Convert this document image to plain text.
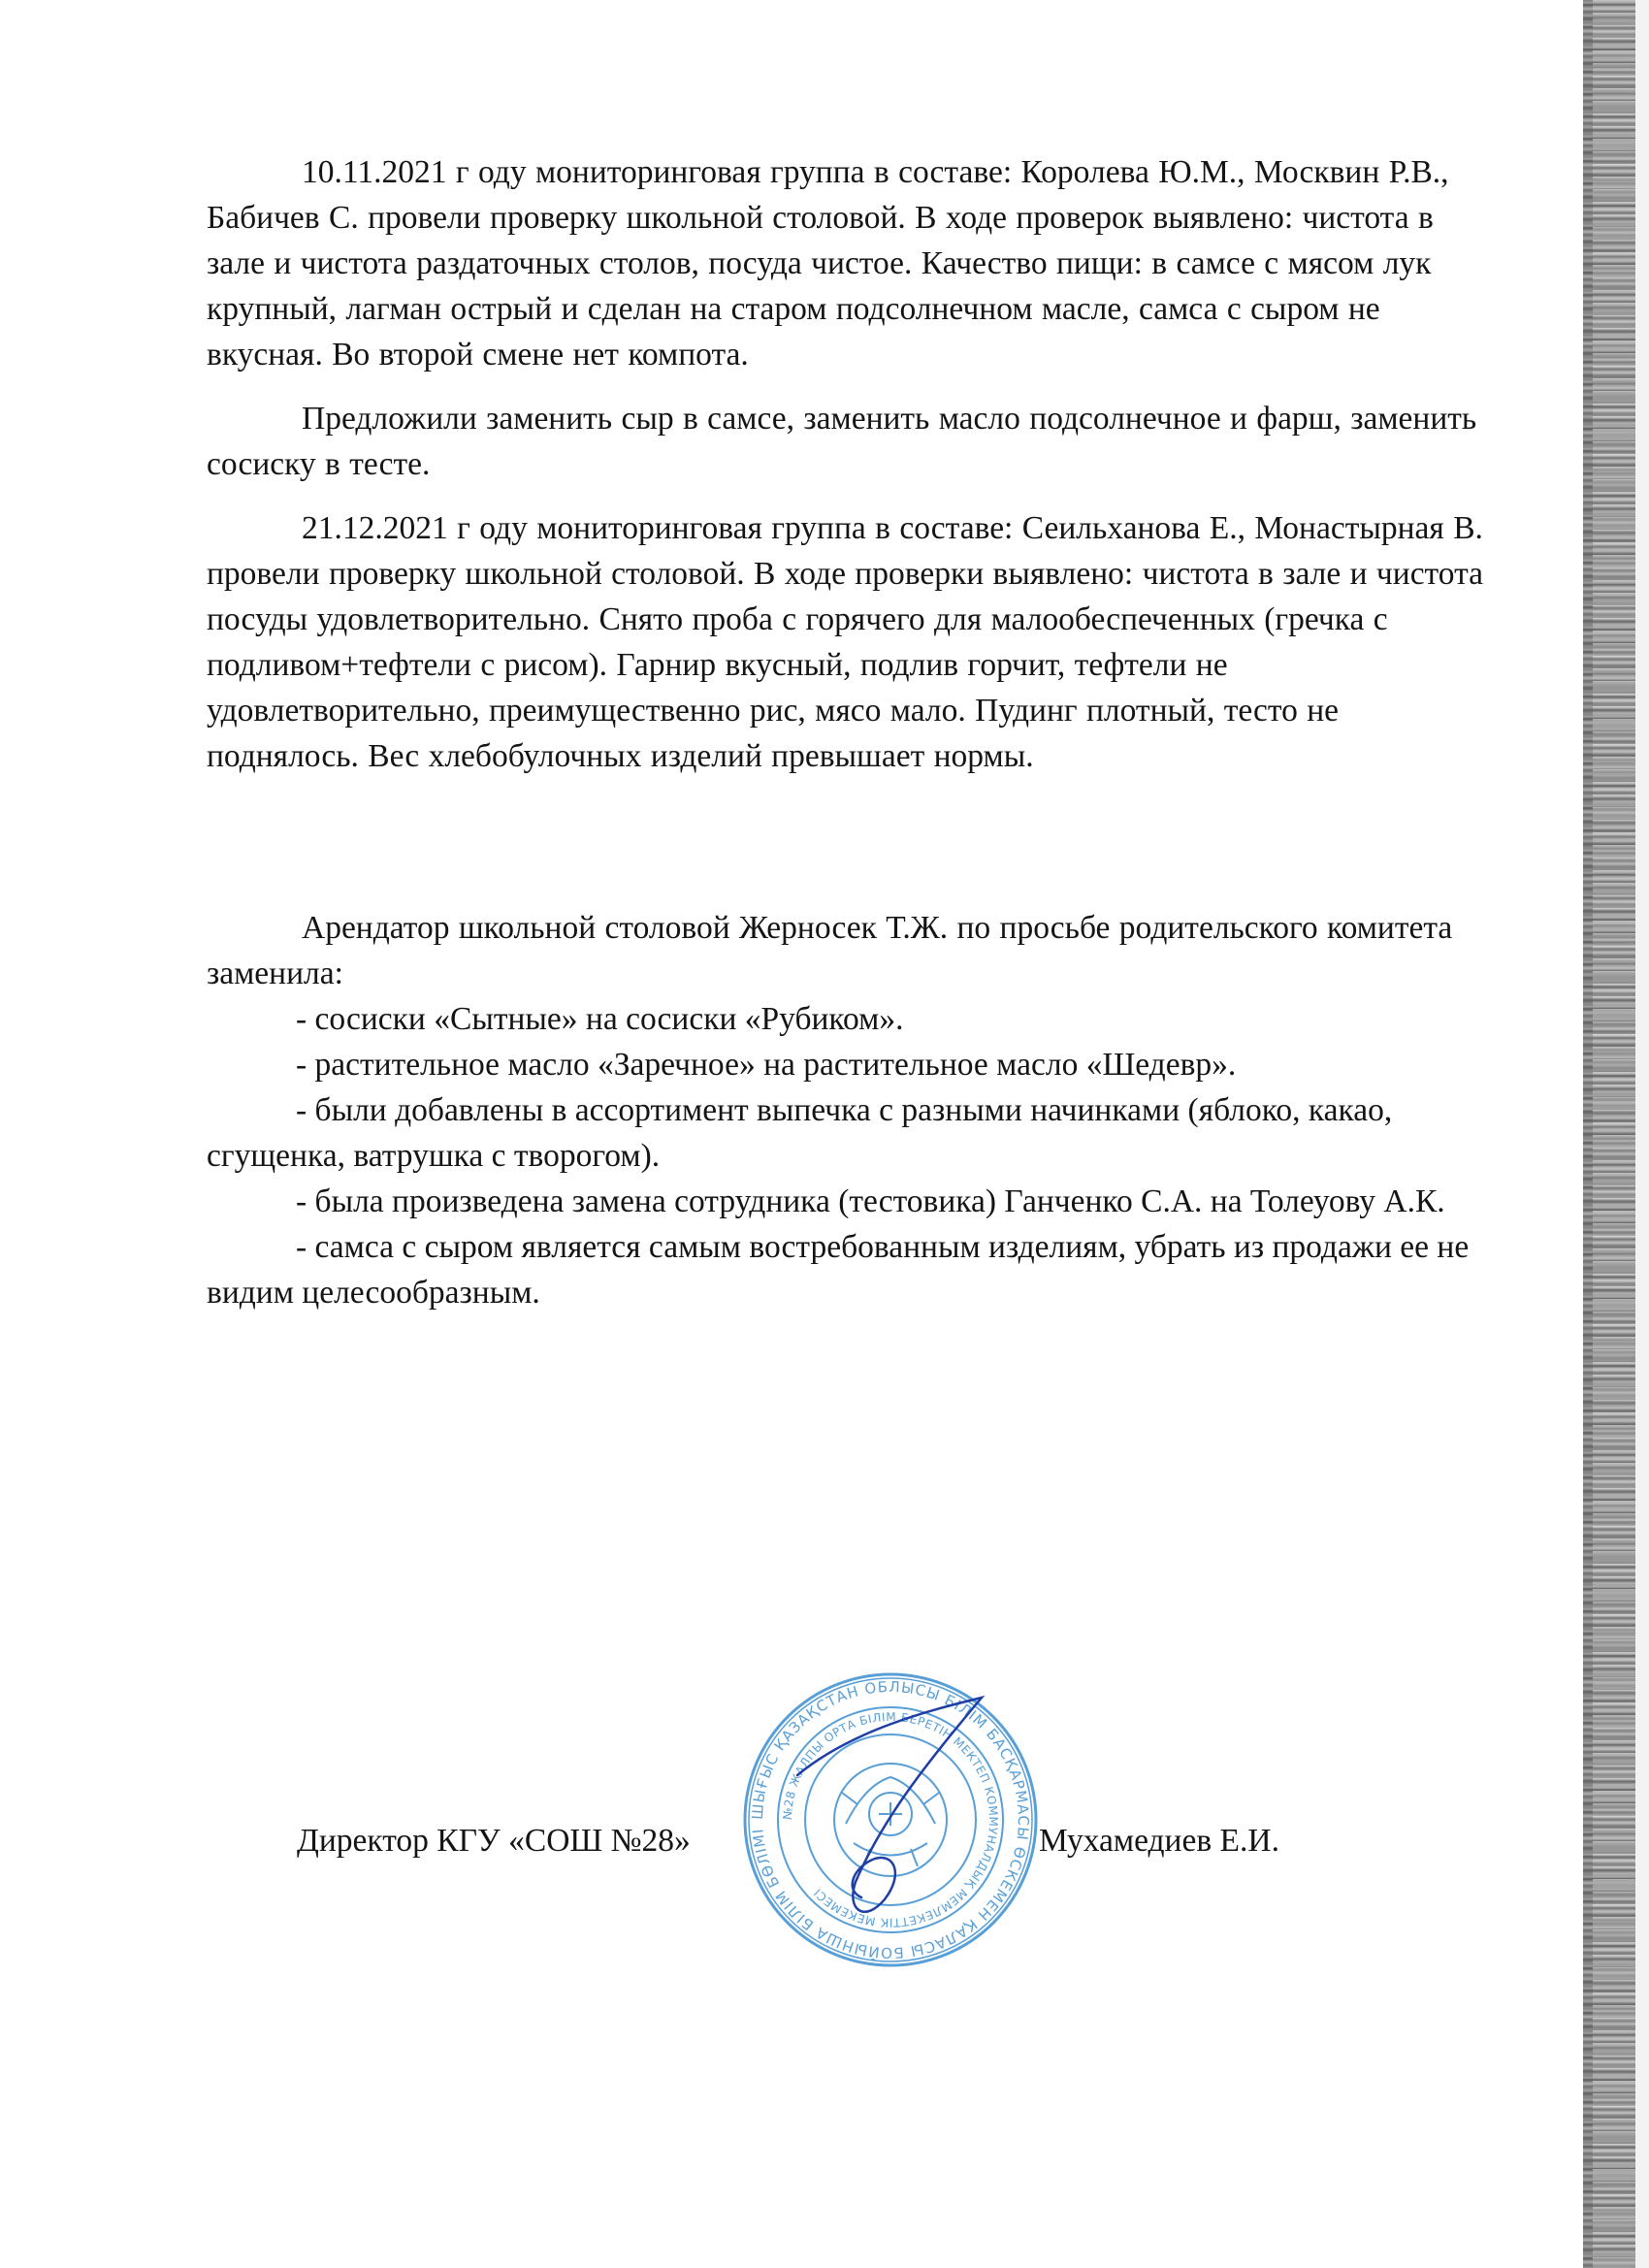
10.11.2021 г оду мониторинговая группа в составе: Королева Ю.М., Москвин Р.В., Бабичев С. провели проверку школьной столовой. В ходе проверок выявлено: чистота в зале и чистота раздаточных столов, посуда чистое. Качество пищи: в самсе с мясом лук крупный, лагман острый и сделан на старом подсолнечном масле, самса с сыром не вкусная. Во второй смене нет компота.

Предложили заменить сыр в самсе, заменить масло подсолнечное и фарш, заменить сосиску в тесте.

21.12.2021 г оду мониторинговая группа в составе: Сеильханова Е., Монастырная В. провели проверку школьной столовой. В ходе проверки выявлено: чистота в зале и чистота посуды удовлетворительно. Снято проба с горячего для малообеспеченных (гречка с подливом+тефтели с рисом). Гарнир вкусный, подлив горчит, тефтели не удовлетворительно, преимущественно рис, мясо мало. Пудинг плотный, тесто не поднялось. Вес хлебобулочных изделий превышает нормы.

Арендатор школьной столовой Жерносек Т.Ж. по просьбе родительского комитета заменила:

- сосиски «Сытные» на сосиски «Рубиком».

- растительное масло «Заречное» на растительное масло «Шедевр».

- были добавлены в ассортимент выпечка с разными начинками (яблоко, какао, сгущенка, ватрушка с творогом).

- была произведена замена сотрудника (тестовика) Ганченко С.А. на Толеуову А.К.

- самса с сыром является самым востребованным изделиям, убрать из продажи ее не видим целесообразным.

Директор КГУ «СОШ №28»
ШЫҒЫС ҚАЗАҚСТАН ОБЛЫСЫ БІЛІМ БАСҚАРМАСЫ ӨСКЕМЕН ҚАЛАСЫ БОЙЫНША БІЛІМ БӨЛІМІ
№28 ЖАЛПЫ ОРТА БІЛІМ БЕРЕТІН МЕКТЕП КОММУНАЛДЫҚ МЕМЛЕКЕТТІК МЕКЕМЕСІ
Мухамедиев Е.И.
